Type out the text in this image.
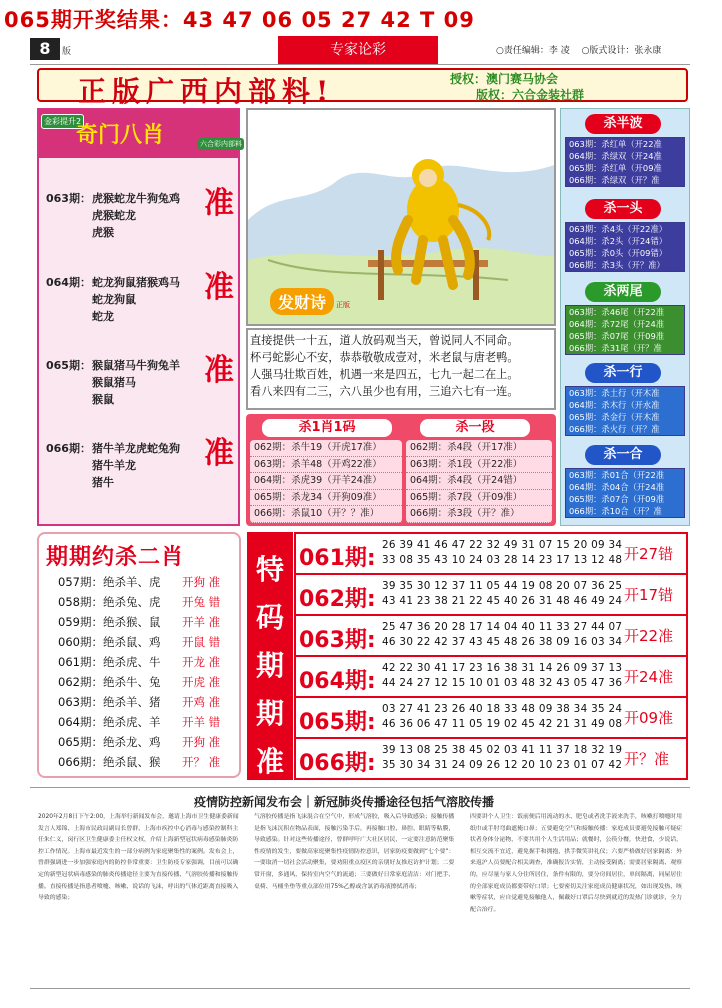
065期开奖结果：43 47 06 05 27 42 T 09
8	版	专家论彩	○责任编辑：李 凌　 ○版式设计：张永康
正版广西内部料!	授权：澳门赛马协会
版权：六合金装社群
金彩提升2
奇门八肖	六合彩内部料
063期： 虎猴蛇龙牛狗兔鸡
虎猴蛇龙
虎猴
准
064期： 蛇龙狗鼠猪猴鸡马
蛇龙狗鼠
蛇龙
准
065期： 猴鼠猪马牛狗兔羊
猴鼠猪马
猴鼠
准
066期： 猪牛羊龙虎蛇兔狗
猪牛羊龙
猪牛
准
发财诗	正版
直接提供一十五，道人放码观当天，曾说同人不同命。
杯弓蛇影心不安，恭恭敬敬成壹对，米老鼠与唐老鸭。
人强马壮欺百姓，机遇一来是四五，七九一起二在上。
看八来四有二三，六八虽少也有用，三追六七有一连。
杀1肖1码	杀一段
062期：杀牛19（开虎17准）
063期：杀羊48（开鸡22准）
064期：杀虎39（开羊24准）
065期：杀龙34（开狗09准）
066期：杀鼠10（开？？准）
062期：杀4段（开17准）
063期：杀1段（开22准）
064期：杀4段（开24错）
065期：杀7段（开09准）
066期：杀3段（开？准）
杀半波
063期：杀红单（开22准
064期：杀绿双（开24准
065期：杀红单（开09准
066期：杀绿双（开？准
杀一头
063期：杀4头（开22准）
064期：杀2头（开24错）
065期：杀0头（开09错）
066期：杀3头（开？准）
杀两尾
063期：杀46尾（开22准
064期：杀72尾（开24准
065期：杀07尾（开09准
066期：杀31尾（开？准
杀一行
063期：杀土行（开木准
064期：杀木行（开水准
065期：杀金行（开木准
066期：杀火行（开？准
杀一合
063期：杀01合（开22准
064期：杀04合（开24准
065期：杀07合（开09准
066期：杀10合（开？准
期期约杀二肖
057期：绝杀羊、虎 开狗 准
058期：绝杀兔、虎 开兔 错
059期：绝杀猴、鼠 开羊 准
060期：绝杀鼠、鸡 开鼠 错
061期：绝杀虎、牛 开龙 准
062期：绝杀牛、兔 开虎 准
063期：绝杀羊、猪 开鸡 准
064期：绝杀虎、羊 开羊 错
065期：绝杀龙、鸡 开狗 准
066期：绝杀鼠、猴 开？ 准
特
码
期
期
准
061期:
26 39 41 46 47 22 32 49 31 07 15 20 09 34
33 08 35 43 10 24 03 28 14 23 17 13 12 48 开27错
062期:
39 35 30 12 37 11 05 44 19 08 20 07 36 25
43 41 23 38 21 22 45 40 26 31 48 46 49 24 开17错
063期:
25 47 36 20 28 17 14 04 40 11 33 27 44 07
46 30 22 42 37 43 45 48 26 38 09 16 03 34 开22准
064期:
42 22 30 41 17 23 16 38 31 14 26 09 37 13
44 24 27 12 15 10 01 03 48 32 43 05 47 36 开24准
065期:
03 27 41 23 26 40 18 33 48 09 38 34 35 24
46 36 06 47 11 05 19 02 45 42 21 31 49 08 开09准
066期:
39 13 08 25 38 45 02 03 41 11 37 18 32 19
35 30 34 31 24 09 26 12 20 10 23 01 07 42 开？准
疫情防控新闻发布会｜新冠肺炎传播途径包括气溶胶传播
2020年2月8日下午2:00，上海举行新闻发布会，邀请上海市卫生健康委新闻发言人郑锦、上海市民政局副局长曾群、上海市疾控中心消毒与感染控制科主任朱仁义，闵行区卫生健康委主任权文权，介绍上海新型冠状病毒感染肺炎防控工作情况。上海市最近发生的一部分病例为家庭聚集性的案例。发布会上，曾群强调进一步加强家庭内的防控非常重要：卫生防疫专家强调，目前可以确定的新型冠状病毒感染的肺炎传播途径主要为直接传播、气溶胶传播和接触传播。直接传播是指患者喷嚏、咳嗽、说话的飞沫，呼出的气体近距离直接吸入导致的感染；
气溶胶传播是指飞沫混合在空气中，形成气溶胶，吸入后导致感染；接触传播是指飞沫沉积在物品表面，接触污染手后，再接触口腔、鼻腔、眼睛等粘膜，导致感染。针对这些传播途径，曾群呼吁广大社区居民，一定要注意防范聚集性疫情的发生，要做高家庭聚集性疫情防控意识，居家防疫要做到“七个要”：一要取消一切社会活动聚集，要劝阻重点疫区的亲朋好友推迟访护计划；二要常开窗，多通风，保持室内空气的流通；三要做好日常家庭清洁：对门把手、桌椅、马桶坐垫等重点部位用75%乙醇或含氯消毒液擦拭消毒；
四要讲个人卫生：饭前便后用流动的水、肥皂或者洗手液来洗手，咳嗽打喷嚏时用纸巾或手肘弯曲遮掩口鼻；五要避免空气和接触传播：家庭成员要避免接触可疑症状者身体分泌物，不要共用个人生活用品；就餐时，公筷分餐，快进食，少说话，相互交流不宜近，避免握手和拥抱，拱手微笑讲礼仪；六要严格做好居家隔离：外来返沪人员要配合相关调查，准确报告实情，主动接受隔离；需要居家隔离、观察的，应尽量与家人分住所居住，条件有限的，要分房间居住，单间隔离，同屋居住的全部家庭成员都要带好口罩；七要密切关注家庭成员健康状况，如出现发热、咳嗽等症状，应自觉避免接触他人，佩戴好口罩后尽快到就近的发热门诊就诊，全力配合治疗。
